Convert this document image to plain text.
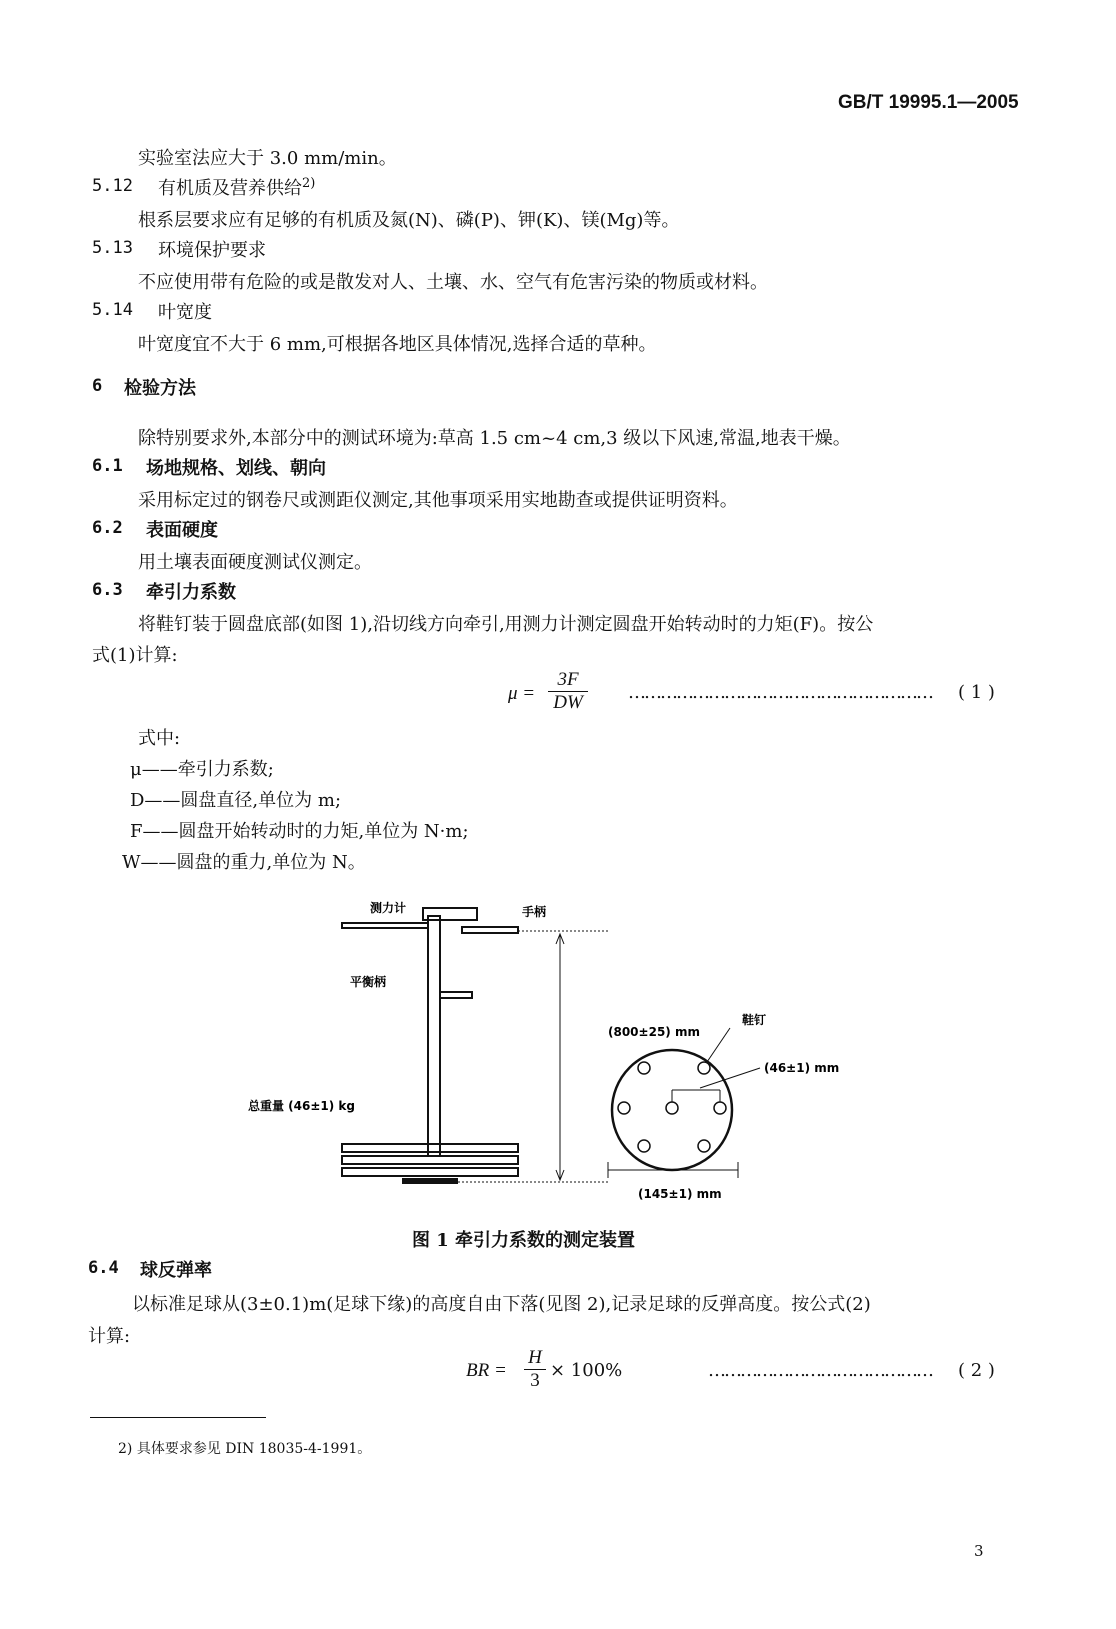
GB/T 19995.1—2005
实验室法应大于 3.0 mm/min。
5.12 有机质及营养供给$^{2)}$
根系层要求应有足够的有机质及氮(N)、磷(P)、钾(K)、镁(Mg)等。
5.13 环境保护要求
不应使用带有危险的或是散发对人、土壤、水、空气有危害污染的物质或材料。
5.14 叶宽度
叶宽度宜不大于 6 mm,可根据各地区具体情况,选择合适的草种。
6 检验方法
除特别要求外,本部分中的测试环境为:草高 1.5 cm~4 cm,3 级以下风速,常温,地表干燥。
6.1 场地规格、划线、朝向
采用标定过的钢卷尺或测距仪测定,其他事项采用实地勘查或提供证明资料。
6.2 表面硬度
用土壤表面硬度测试仪测定。
6.3 牵引力系数
将鞋钉装于圆盘底部(如图 1),沿切线方向牵引,用测力计测定圆盘开始转动时的力矩(F)。按公
式(1)计算:
μ =
3F
DW	………………………………………………… ( 1 )
式中:
μ——牵引力系数;
D——圆盘直径,单位为 m;
F——圆盘开始转动时的力矩,单位为 N·m;
W——圆盘的重力,单位为 N。
测力计	手柄
平衡柄
总重量 (46±1) kg
(800±25) mm
鞋钉
(46±1) mm
(145±1) mm
图 1 牵引力系数的测定装置
6.4 球反弹率
以标准足球从(3±0.1)m(足球下缘)的高度自由下落(见图 2),记录足球的反弹高度。按公式(2)
计算:
BR =
H
3 × 100%	…………………………………… ( 2 )
2) 具体要求参见 DIN 18035-4-1991。
3
